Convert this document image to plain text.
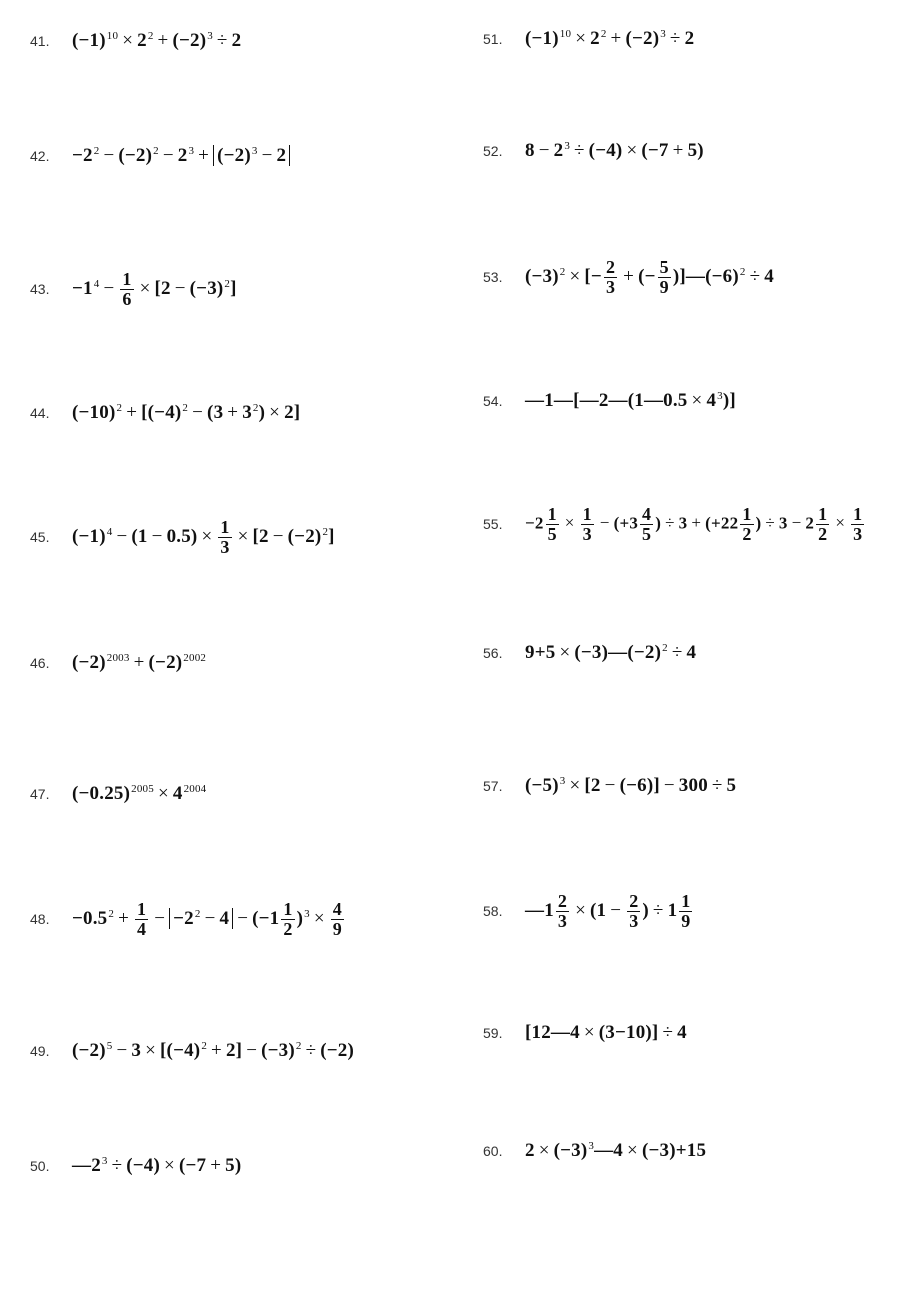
41.	$(-1)^{10} \times 2^2 + (-2)^3 \div 2$
42.	$-2^2 - (-2)^2 - 2^3 + (-2)^3 - 2$
43.	$-1^4 - \frac{1}{6} \times [2 - (-3)^2]$
44.	$(-10)^2 + [(-4)^2 - (3 + 3^2) \times 2]$
45.	$(-1)^4 - (1 - 0.5) \times \frac{1}{3} \times [2 - (-2)^2]$
46.	$(-2)^{2003} + (-2)^{2002}$
47.	$(-0.25)^{2005} \times 4^{2004}$
48.	$-0.5^2 + \frac{1}{4} - -2^2 - 4 - (-1 \frac{1}{2} )^3 \times \frac{4}{9}$
49.	$(-2)^5 - 3 \times [(-4)^2 + 2] - (-3)^2 \div (-2)$
50.	$—2^3 \div (-4) \times (-7 + 5)$
51.	$(-1)^{10} \times 2^2 + (-2)^3 \div 2$
52.	$8 - 2^3 \div (-4) \times (-7 + 5)$
53.	$(-3)^2$ × [− $\frac{2}{3}$ + (− $\frac{5}{9}$ )]$—(-6)^2 \div 4$
54.	—1—[—2—(1—0.5 × $4^3$)]
55.	$-2 \frac{1}{5} \times \frac{1}{3} - (+3 \frac{4}{5}$ ) ÷ $3 + (+22 \frac{1}{2}$ ) ÷ $3 - 2 \frac{1}{2} \times \frac{1}{3}$
56.	$9+5 \times (-3)—(-2)^2 \div 4$
57.	$(-5)^3 \times [2 - (-6)] - 300 \div 5$
58.	—1 $\frac{2}{3} \times (1 - \frac{2}{3}$ ) ÷ $1 \frac{1}{9}$
59.	[12—4 × (3−10)] ÷ 4
60.	$2 \times (-3)^3—4 \times (-3)+15$
